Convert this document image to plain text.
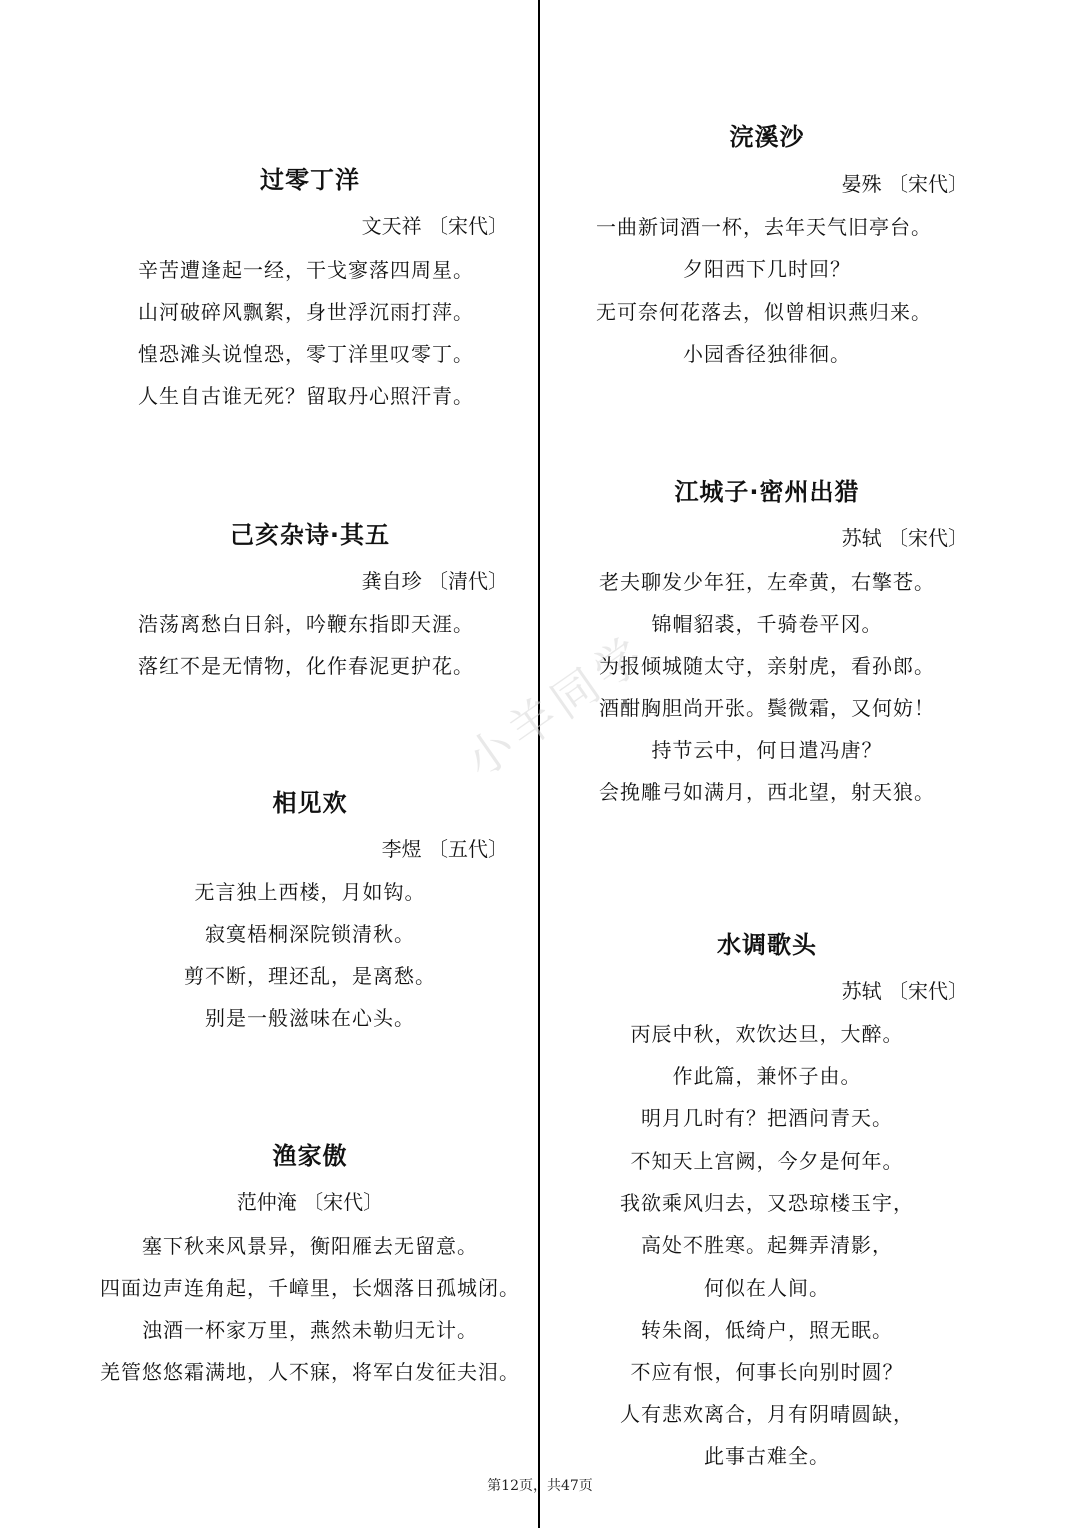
小羊同学
过零丁洋
文天祥 〔宋代〕
辛苦遭逢起一经，干戈寥落四周星。
山河破碎风飘絮，身世浮沉雨打萍。
惶恐滩头说惶恐，零丁洋里叹零丁。
人生自古谁无死？留取丹心照汗青。
己亥杂诗·其五
龚自珍 〔清代〕
浩荡离愁白日斜，吟鞭东指即天涯。
落红不是无情物，化作春泥更护花。
相见欢
李煜 〔五代〕
无言独上西楼，月如钩。
寂寞梧桐深院锁清秋。
剪不断，理还乱，是离愁。
别是一般滋味在心头。
渔家傲
范仲淹 〔宋代〕
塞下秋来风景异，衡阳雁去无留意。
四面边声连角起，千嶂里，长烟落日孤城闭。
浊酒一杯家万里，燕然未勒归无计。
羌管悠悠霜满地，人不寐，将军白发征夫泪。
浣溪沙
晏殊 〔宋代〕
一曲新词酒一杯，去年天气旧亭台。
夕阳西下几时回？
无可奈何花落去，似曾相识燕归来。
小园香径独徘徊。
江城子·密州出猎
苏轼 〔宋代〕
老夫聊发少年狂，左牵黄，右擎苍。
锦帽貂裘，千骑卷平冈。
为报倾城随太守，亲射虎，看孙郎。
酒酣胸胆尚开张。鬓微霜，又何妨！
持节云中，何日遣冯唐？
会挽雕弓如满月，西北望，射天狼。
水调歌头
苏轼 〔宋代〕
丙辰中秋，欢饮达旦，大醉。
作此篇，兼怀子由。
明月几时有？把酒问青天。
不知天上宫阙，今夕是何年。
我欲乘风归去，又恐琼楼玉宇，
高处不胜寒。起舞弄清影，
何似在人间。
转朱阁，低绮户，照无眠。
不应有恨，何事长向别时圆？
人有悲欢离合，月有阴晴圆缺，
此事古难全。
第12页，共47页
